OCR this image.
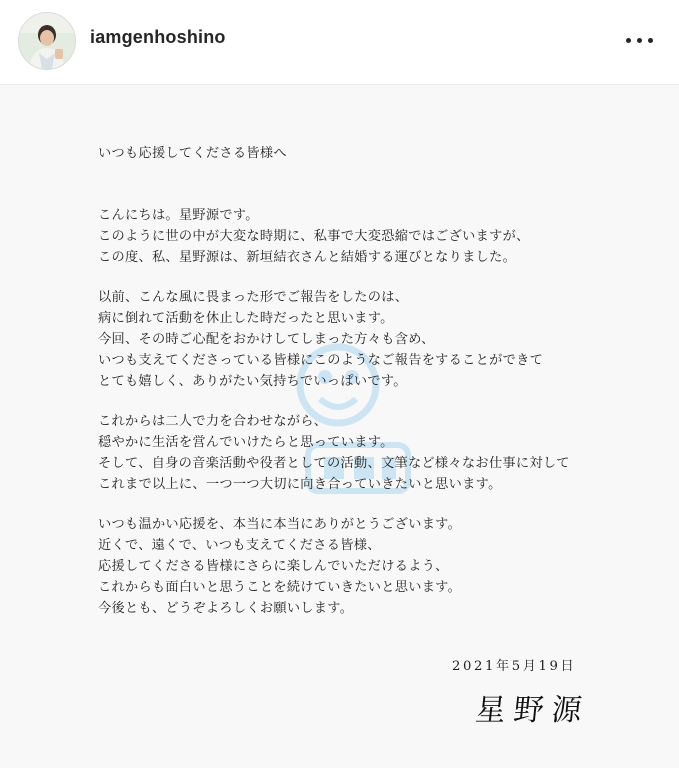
iamgenhoshino
いつも応援してくださる皆様へ
こんにちは。星野源です。
このように世の中が大変な時期に、私事で大変恐縮ではございますが、
この度、私、星野源は、新垣結衣さんと結婚する運びとなりました。
以前、こんな風に畏まった形でご報告をしたのは、
病に倒れて活動を休止した時だったと思います。
今回、その時ご心配をおかけしてしまった方々も含め、
いつも支えてくださっている皆様にこのようなご報告をすることができて
とても嬉しく、ありがたい気持ちでいっぱいです。
これからは二人で力を合わせながら、
穏やかに生活を営んでいけたらと思っています。
そして、自身の音楽活動や役者としての活動、文筆など様々なお仕事に対して
これまで以上に、一つ一つ大切に向き合っていきたいと思います。
いつも温かい応援を、本当に本当にありがとうございます。
近くで、遠くで、いつも支えてくださる皆様、
応援してくださる皆様にさらに楽しんでいただけるよう、
これからも面白いと思うことを続けていきたいと思います。
今後とも、どうぞよろしくお願いします。
2021年5月19日
星野源
